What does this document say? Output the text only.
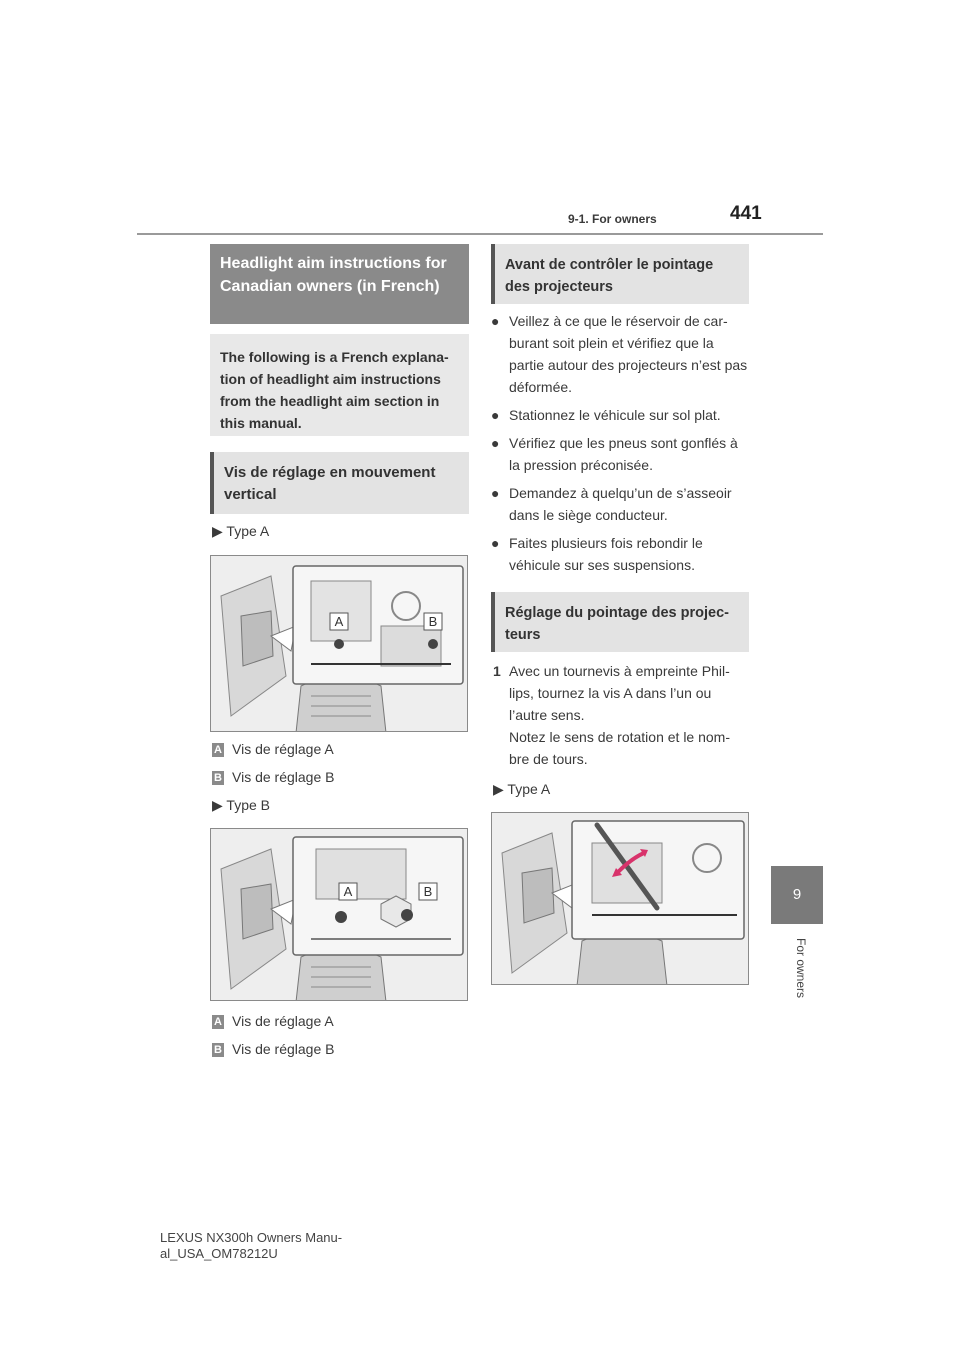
9-1. For owners	441
9
For owners
Headlight aim instructions for Canadian owners (in French)
The following is a French explana-tion of headlight aim instructions from the headlight aim section in this manual.
Vis de réglage en mouvement vertical
▶ Type A
A	B
A Vis de réglage A
B Vis de réglage B
▶ Type B
A	B
A Vis de réglage A
B Vis de réglage B
Avant de contrôler le pointage des projecteurs
● Veillez à ce que le réservoir de car-burant soit plein et vérifiez que la partie autour des projecteurs n’est pas déformée.
● Stationnez le véhicule sur sol plat.
● Vérifiez que les pneus sont gonflés à la pression préconisée.
● Demandez à quelqu’un de s’asseoir dans le siège conducteur.
● Faites plusieurs fois rebondir le véhicule sur ses suspensions.
Réglage du pointage des projec-teurs
1 Avec un tournevis à empreinte Phil-lips, tournez la vis A dans l’un ou l’autre sens.
Notez le sens de rotation et le nom-bre de tours.
▶ Type A
LEXUS NX300h Owners Manu-
al_USA_OM78212U
